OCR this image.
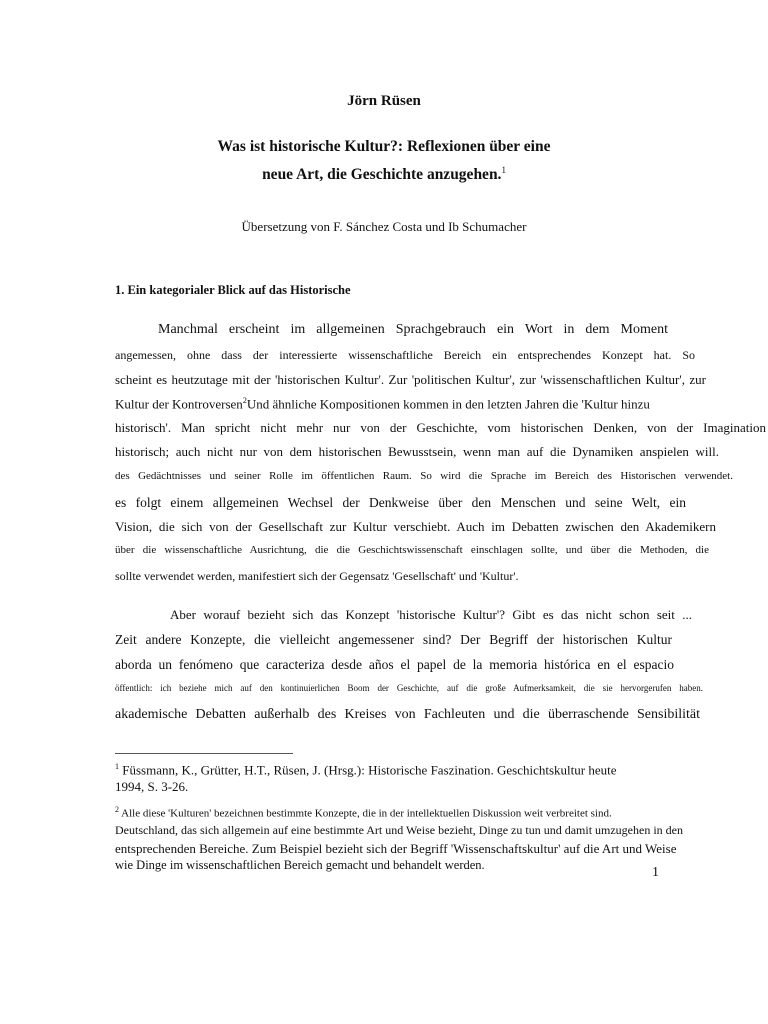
Jörn Rüsen
Was ist historische Kultur?: Reflexionen über eine
neue Art, die Geschichte anzugehen.$^1$
Übersetzung von F. Sánchez Costa und Ib Schumacher
1. Ein kategorialer Blick auf das Historische
Manchmal erscheint im allgemeinen Sprachgebrauch ein Wort in dem Moment
angemessen, ohne dass der interessierte wissenschaftliche Bereich ein entsprechendes Konzept hat. So
scheint es heutzutage mit der 'historischen Kultur'. Zur 'politischen Kultur', zur 'wissenschaftlichen Kultur', zur
Kultur der Kontroversen$^2$Und ähnliche Kompositionen kommen in den letzten Jahren die 'Kultur hinzu
historisch'. Man spricht nicht mehr nur von der Geschichte, vom historischen Denken, von der Imagination
historisch; auch nicht nur von dem historischen Bewusstsein, wenn man auf die Dynamiken anspielen will.
des Gedächtnisses und seiner Rolle im öffentlichen Raum. So wird die Sprache im Bereich des Historischen verwendet.
es folgt einem allgemeinen Wechsel der Denkweise über den Menschen und seine Welt, ein
Vision, die sich von der Gesellschaft zur Kultur verschiebt. Auch im Debatten zwischen den Akademikern
über die wissenschaftliche Ausrichtung, die die Geschichtswissenschaft einschlagen sollte, und über die Methoden, die
sollte verwendet werden, manifestiert sich der Gegensatz 'Gesellschaft' und 'Kultur'.
Aber worauf bezieht sich das Konzept 'historische Kultur'? Gibt es das nicht schon seit ...
Zeit andere Konzepte, die vielleicht angemessener sind? Der Begriff der historischen Kultur
aborda un fenómeno que caracteriza desde años el papel de la memoria histórica en el espacio
öffentlich: ich beziehe mich auf den kontinuierlichen Boom der Geschichte, auf die große Aufmerksamkeit, die sie hervorgerufen haben.
akademische Debatten außerhalb des Kreises von Fachleuten und die überraschende Sensibilität
$^1$ Füssmann, K., Grütter, H.T., Rüsen, J. (Hrsg.): Historische Faszination. Geschichtskultur heute
1994, S. 3-26.
$^2$ Alle diese 'Kulturen' bezeichnen bestimmte Konzepte, die in der intellektuellen Diskussion weit verbreitet sind.
Deutschland, das sich allgemein auf eine bestimmte Art und Weise bezieht, Dinge zu tun und damit umzugehen in den
entsprechenden Bereiche. Zum Beispiel bezieht sich der Begriff 'Wissenschaftskultur' auf die Art und Weise
wie Dinge im wissenschaftlichen Bereich gemacht und behandelt werden.	1
